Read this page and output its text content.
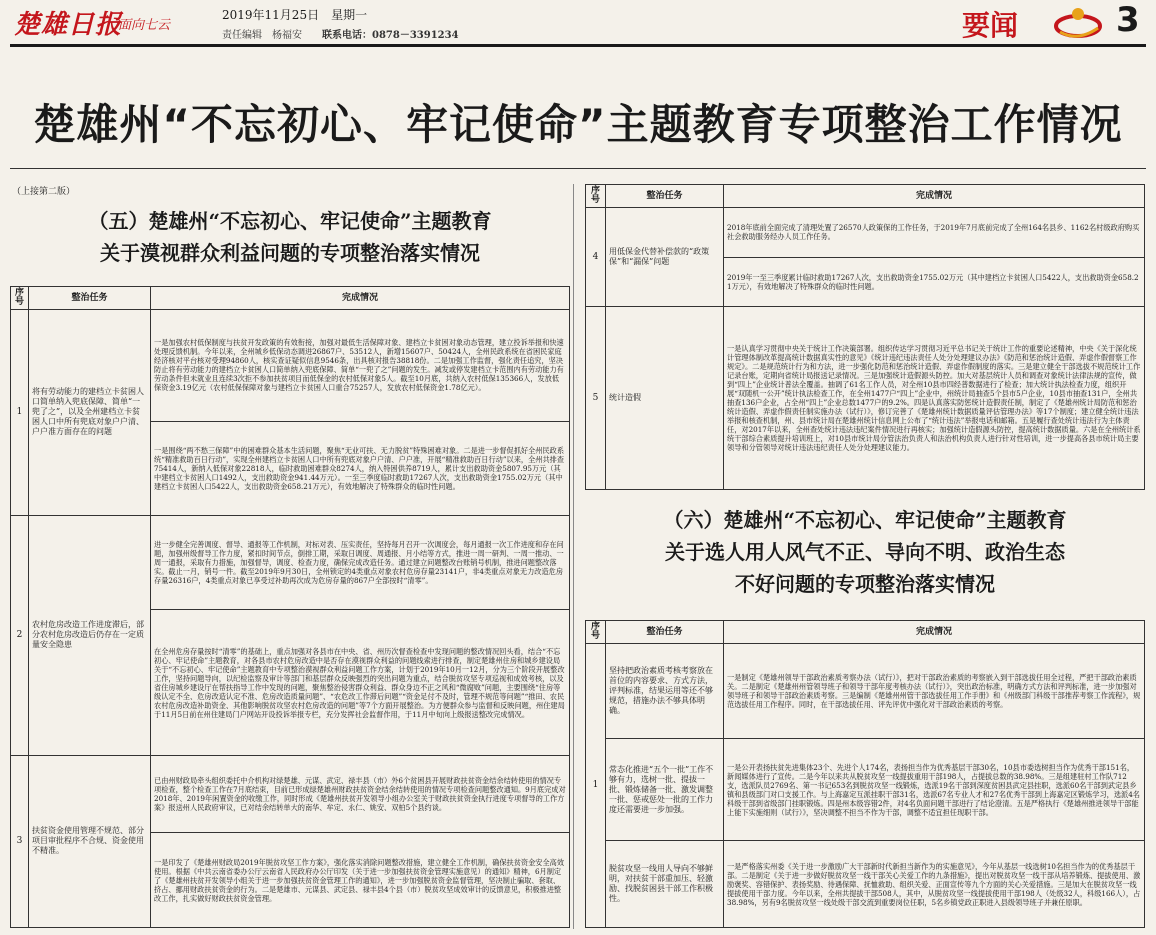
楚雄日报
面向七云
2019年11月25日　星期一
责任编辑　杨福安　　 联系电话：0878－3391234	要闻	3
楚雄州“不忘初心、牢记使命”主题教育专项整治工作情况
（上接第二版）
（五）楚雄州“不忘初心、牢记使命”主题教育
关于漠视群众利益问题的专项整治落实情况
序号	整治任务	完成情况
1	将有劳动能力的建档立卡贫困人口简单纳入兜底保障、简单“一兜了之”，以及全州建档立卡贫困人口中所有兜底对象户户清、户户准方面存在的问题	一是加强农村低保制度与扶贫开发政策的有效衔接，加强对最低生活保障对象、建档立卡贫困对象动态管理，建立投诉举报和快速处理反馈机制。今年以来，全州城乡低保动态调进26867户、53512人，新增15607户、50424人，全州民政系统在省困民家庭经济核对平台核对受理94860人，核实查证疑似信息9546条，出具核对报告38818份。二是加强工作监督，强化责任追究，坚决防止将有劳动能力的建档立卡贫困人口简单纳入兜底保障、简单“一兜了之”问题的发生。减发或停发建档立卡范围内有劳动能力有劳动条件但未就业且连续3次拒不参加扶贫项目而低保金的农村低保对象5人。截至10月底，共纳入农村低保135366人，发放低保资金3.19亿元（农村低保保障对象与建档立卡贫困人口重合75257人，发放农村低保资金1.78亿元）。
		一是围绕“两不愁三保障”中的困难群众基本生活问题，聚焦“无业可扶、无力脱贫”特殊困难对象。二是进一步督促抓好全州民政系统“精准救助百日行动”，实现全州建档立卡贫困人口中所有兜底对象户户清、户户准，开展“精准救助百日行动”以来，全州共排查75414人，新纳入低保对象22818人，临时救助困难群众8274人，纳入特困供养8719人，累计支出救助资金5807.95万元（其中建档立卡贫困人口1492人，支出救助资金941.44万元）。一至三季度临时救助17267人次，支出救助资金1755.02万元（其中建档立卡贫困人口5422人，支出救助资金658.21万元），有效地解决了特殊群众的临时性问题。
2	农村危房改造工作进度滞后，部分农村危房改造后仍存在一定质量安全隐患	进一步健全完善调度、督导、通报等工作机制，对标对表、压实责任，坚持每月召开一次调度会，每月通报一次工作进度和存在问题，加强州级督导工作力度，紧扣时间节点，倒排工期，采取日调度、周通报、月小结等方式，推进一周一研判、一周一推动、一周一通报，采取有力措施，加强督导，调度、检查力度，确保完成改造任务。通过建立问题整改台账销号机制，推进问题整改落实。截止一月，销号一件。截至2019年9月30日，全州锁定的4类重点对象农村危房存量23141户，非4类重点对象无力改造危房存量26316户，4类重点对象已享受过补助再次成为危房存量的867户全部按时“清零”。
		在全州危房存量按时“清零”的基础上，重点加强对各县市在中央、省、州历次督查检查中发现问题的整改情况回头看，结合“不忘初心、牢记使命”主题教育，对各县市农村危房改造中是否存在漠视群众利益的问题线索进行排查，制定楚雄州住房和城乡建设局关于“不忘初心、牢记使命”主题教育中专项整治漠视群众利益问题工作方案，计划于2019年10月一12月，分为三个阶段开展整改工作，坚持问题导向，以纪检监察及审计等部门和基层群众反映强烈的突出问题为重点，结合脱贫攻坚专项巡视和成效考核，以及省住房城乡建设厅在帮扶指导工作中发现的问题，聚焦整治侵害群众利益、群众身边不正之风和“微腐败”问题，主要围绕“住房等级认定不全、危房改造认定不准、危房改造质量问题”、“农危改工作滞后问题”“资金足付不及时，管理不规范等问题”“推田、农民农村危房改造补助资金、其他影响脱贫攻坚农村危房改造的问题”等7个方面开展整治。为方便群众参与监督和反映问题，州住建局于11月5日前在州住建局门户网站开设投诉举报专栏，充分发挥社会监督作用，于11月中旬向上级报送整改完成情况。
3	扶贫资金使用管理不规范、部分项目审批程序不合规、资金使用不精准。	已由州财政局牵头组织委托中介机构对绿楚雄、元谋、武定、禄丰县（市）外6个贫困县开展财政扶贫资金结余结转使用的情况专项检查，整个检查工作在7月底结束，目前已形成绿楚雄州财政扶贫资金结余结转使用的情况专项检查问题整改通知。9月底完成对2018年、2019年闲置资金的收缴工作，同时形成《楚雄州扶贫开发领导小组办公室关于财政扶贫资金执行进度专项督导的工作方案》报送州人民政府审议，已对结余结转单大的南华、牟定、永仁、姚安、双柏5个县约谈。
		一是印发了《楚雄州财政局2019年脱贫攻坚工作方案》，强化落实消除问题整改措施，建立健全工作机制，确保扶贫资金安全高效使用。根据《中共云南省委办公厅云南省人民政府办公厅印发（关于进一步加强扶贫资金管理实施意见）的通知》精神，6月制定了《楚雄州扶贫开发领导小组关于进一步加强扶贫资金管理工作的通知》，进一步加强脱贫资金监督管理，坚决制止骗取、套取、挤占、挪用财政扶贫资金的行为。二是楚雄市、元谋县、武定县、禄丰县4个县（市）脱贫攻坚成效审计的反馈意见，积极推进整改工作，扎实做好财政扶贫资金管理。
序号	整治任务	完成情况
4	用低保金代替补偿款的“政策保”和“漏保”问题	2018年底前全面完成了清理处置了26570人政策保的工作任务，于2019年7月底前完成了全州164名县乡、1162名村级政府购买社会救助服务经办人员工作任务。
		2019年一至三季度累计临时救助17267人次，支出救助资金1755.02万元（其中建档立卡贫困人口5422人，支出救助资金658.21万元），有效地解决了特殊群众的临时性问题。
5	统计造假	一是认真学习贯彻中央关于统计工作决策部署。组织传达学习贯彻习近平总书记关于统计工作的重要论述精神，中央《关于深化统计管理体制改革提高统计数据真实性的意见》《统计违纪违法责任人处分处理建议办法》《防范和惩治统计造假、弄虚作假督察工作规定》。二是规范统计行为和方法，进一步强化防范和惩治统计造假、弄虚作假制度的落实。三是建立健全干部选拔不规范统计工作记录台账，定期向省统计局报送记录情况。三是加强统计造假源头防控。加大对基层统计人员和调查对象统计法律法规的宣传，做到“四上”企业统计普法全覆盖。抽调了61名工作人员，对全州10县市四经普数据进行了检查；加大统计执法检查力度，组织开展“双随机一公开”统计执法检查工作，在全州1477户“四上”企业中，州统计局抽查5个县市5户企业，10县市抽查131户，全州共抽查136户企业，占全州“四上”企业总数1477户的9.2%。四是认真落实防惩统计造假责任制，制定了《楚雄州统计局防范和惩治统计造假、弄虚作假责任制实施办法（试行）》，修订完善了《楚雄州统计数据质量评估管理办法》等17个制度；建立健全统计违法举报和核查机制，州、县市统计局在楚雄州统计信息网上公布了“统计违法”举报电话和邮箱。五是履行查处统计违法行为主体责任，对2017年以来，全州查处统计违法违纪案件情况进行再核实；加强统计造假源头防控，提高统计数据质量。六是在全州统计系统干部综合素质提升培训班上，对10县市统计局分管法治负责人和法治机构负责人进行针对性培训，进一步提高各县市统计局主要领导和分管领导对统计违法违纪责任人处分处理建议能力。
（六）楚雄州“不忘初心、牢记使命”主题教育
关于选人用人风气不正、导向不明、政治生态
不好问题的专项整治落实情况
序号	整治任务	完成情况
1	坚持把政治素质考核考察放在首位的内容要求、方式方法，评判标准，结果运用等还不够规范，措施办法不够具体明确。	一是制定《楚雄州领导干部政治素质考察办法（试行）》，把对干部政治素质的考察嵌入到干部选拔任用全过程，严把干部政治素质关。二是制定《楚雄州州管领导班子和领导干部年度考核办法（试行）》，突出政治标准，明确方式方法和评判标准，进一步加强对领导班子和领导干部政治素质考察。三是编制《楚雄州州管干部选拔任用工作手册》和《州级部门科级干部推荐考察工作流程》，规范选拔任用工作程序。同时，在干部选拔任用、评先评优中强化对干部政治素质的考察。
	常态化推进“五个一批”工作不够有力，选树一批、提拔一批、锻炼储备一批、激发调整一批、惩戒惩处一批的工作力度还需要进一步加强。	一是公开表扬扶贫先进集体23个、先进个人174名，表扬担当作为优秀基层干部30名，10县市委选树担当作为优秀干部151名，新闻媒体进行了宣传。二是今年以来共从脱贫攻坚一线提拔重用干部198人，占提拔总数的38.98%。三是组建驻村工作队712支，选派队员2769名、第一书记653名到脱贫攻坚一线锻炼，选派19名干部到深度贫困县武定县挂职，选派60名干部到武定县乡镇和县级部门对口支援工作。与上海嘉定互派挂职干部31名，选派67名专业人才和27名优秀干部到上海嘉定区锻炼学习，选派4名科级干部到省级部门挂职锻炼。四是州本级容错2件，对4名负面问题干部进行了结论澄清。五是严格执行《楚雄州推进领导干部能上能下实施细则（试行）》，坚决调整不担当不作为干部，调整不适宜担任现职干部。
	脱贫攻坚一线用人导向不够鲜明，对扶贫干部重加压、轻激励、找脱贫困县干部工作积极性。	一是严格落实州委《关于进一步激励广大干部新时代新担当新作为的实施意见》，今年从基层一线选树10名担当作为的优秀基层干部。二是制定《关于进一步做好脱贫攻坚一线干部关心关爱工作的九条措施》，提出对脱贫攻坚一线干部从培养锻炼、提拔使用、激励褒奖、容错保护、表扬奖励、待遇保障、抚恤救助、组织关爱、正面宣传等九个方面的关心关爱措施。三是加大在脱贫攻坚一线提拔使用干部力度。今年以来，全州共提拔干部508人，其中，从脱贫攻坚一线提拔使用干部198人（处级32人，科级166人），占38.98%，另有9名脱贫攻坚一线处级干部交流到重要岗位任职，5名乡镇党政正职进入县级领导班子并兼任原职。
